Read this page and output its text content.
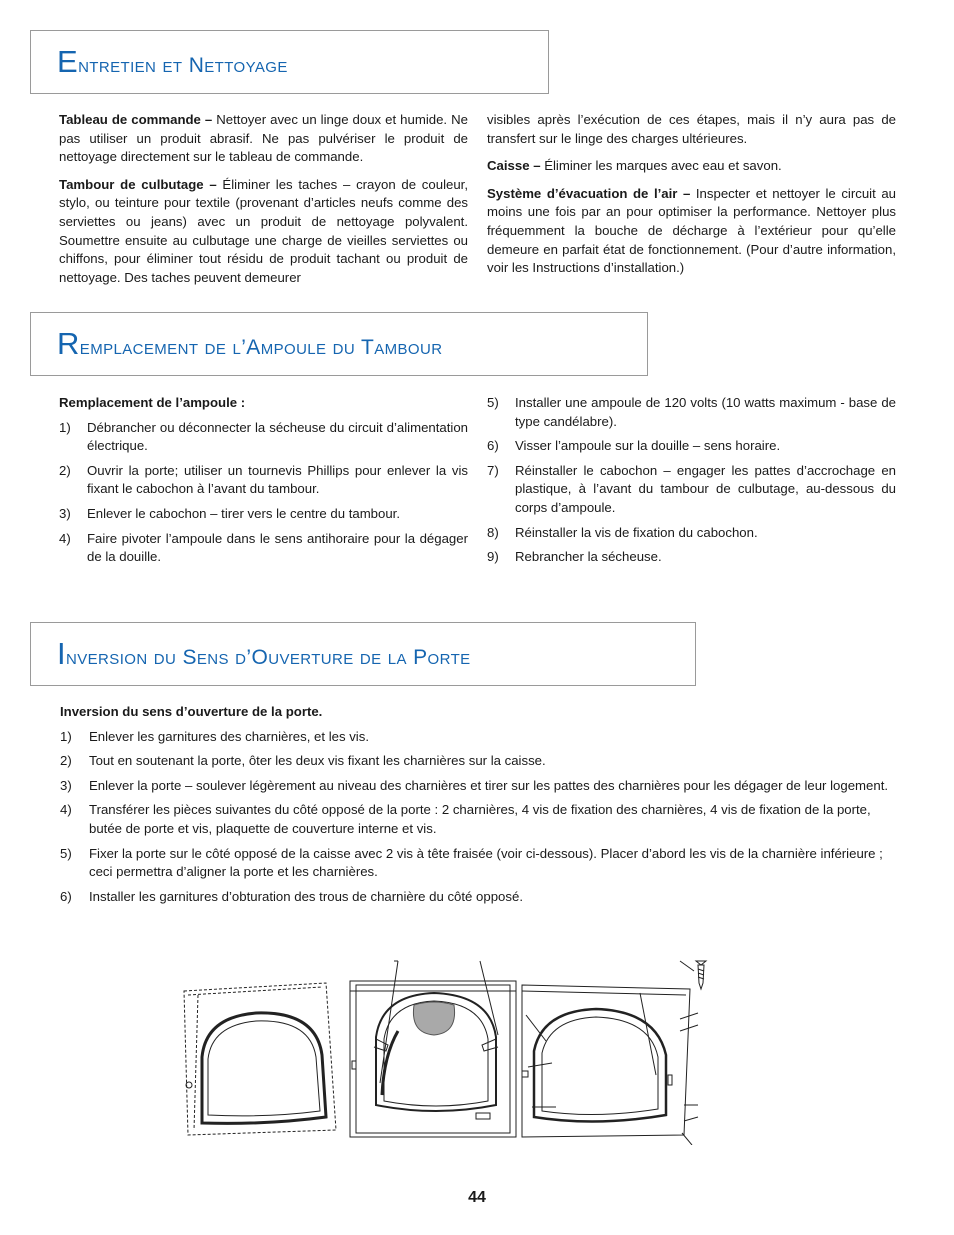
Entretien et Nettoyage

Tableau de commande – Nettoyer avec un linge doux et humide. Ne pas utiliser un produit abrasif. Ne pas pulvériser le produit de nettoyage directement sur le tableau de commande.

Tambour de culbutage – Éliminer les taches – crayon de couleur, stylo, ou teinture pour textile (provenant d’articles neufs comme des serviettes ou jeans) avec un produit de nettoyage polyvalent. Soumettre ensuite au culbutage une charge de vieilles serviettes ou chiffons, pour éliminer tout résidu de produit tachant ou produit de nettoyage. Des taches peuvent demeurer

visibles après l’exécution de ces étapes, mais il n’y aura pas de transfert sur le linge des charges ultérieures.

Caisse – Éliminer les marques avec eau et savon.

Système d’évacuation de l’air – Inspecter et nettoyer le circuit au moins une fois par an pour optimiser la performance. Nettoyer plus fréquemment la bouche de décharge à l’extérieur pour qu’elle demeure en parfait état de fonctionnement. (Pour d’autre information, voir les Instructions d’installation.)

Remplacement de l’Ampoule du Tambour
Remplacement de l’ampoule :
1) Débrancher ou déconnecter la sécheuse du circuit d’alimentation électrique.
2) Ouvrir la porte; utiliser un tournevis Phillips pour enlever la vis fixant le cabochon à l’avant du tambour.
3) Enlever le cabochon – tirer vers le centre du tambour.
4) Faire pivoter l’ampoule dans le sens antihoraire pour la dégager de la douille.
5) Installer une ampoule de 120 volts (10 watts maximum - base de type candélabre).
6) Visser l’ampoule sur la douille – sens horaire.
7) Réinstaller le cabochon – engager les pattes d’accrochage en plastique, à l’avant du tambour de culbutage, au-dessous du corps d’ampoule.
8) Réinstaller la vis de fixation du cabochon.
9) Rebrancher la sécheuse.
Inversion du Sens d’Ouverture de la Porte
Inversion du sens d’ouverture de la porte.
1) Enlever les garnitures des charnières, et les vis.
2) Tout en soutenant la porte, ôter les deux vis fixant les charnières sur la caisse.
3) Enlever la porte – soulever légèrement au niveau des charnières et tirer sur les pattes des charnières pour les dégager de leur logement.
4) Transférer les pièces suivantes du côté opposé de la porte : 2 charnières, 4 vis de fixation des charnières, 4 vis de fixation de la porte, butée de porte et vis, plaquette de couverture interne et vis.
5) Fixer la porte sur le côté opposé de la caisse avec 2 vis à tête fraisée (voir ci-dessous). Placer d’abord les vis de la charnière inférieure ; ceci permettra d’aligner la porte et les charnières.
6) Installer les garnitures d’obturation des trous de charnière du côté opposé.
44
